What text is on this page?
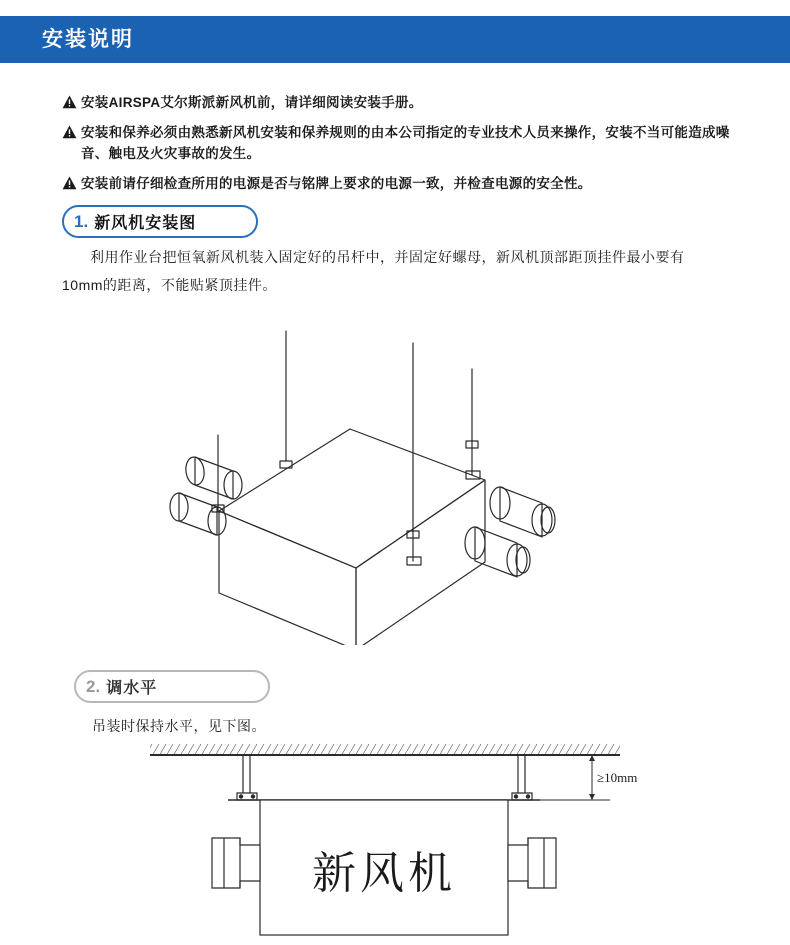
安装说明
安装AIRSPA艾尔斯派新风机前，请详细阅读安装手册。
安装和保养必须由熟悉新风机安装和保养规则的由本公司指定的专业技术人员来操作，安装不当可能造成噪音、触电及火灾事故的发生。
安装前请仔细检查所用的电源是否与铭牌上要求的电源一致，并检查电源的安全性。
1. 新风机安装图
利用作业台把恒氧新风机装入固定好的吊杆中，并固定好螺母，新风机顶部距顶挂件最小要有10mm的距离，不能贴紧顶挂件。
2. 调水平
吊装时保持水平，见下图。
≥10mm
新风机
